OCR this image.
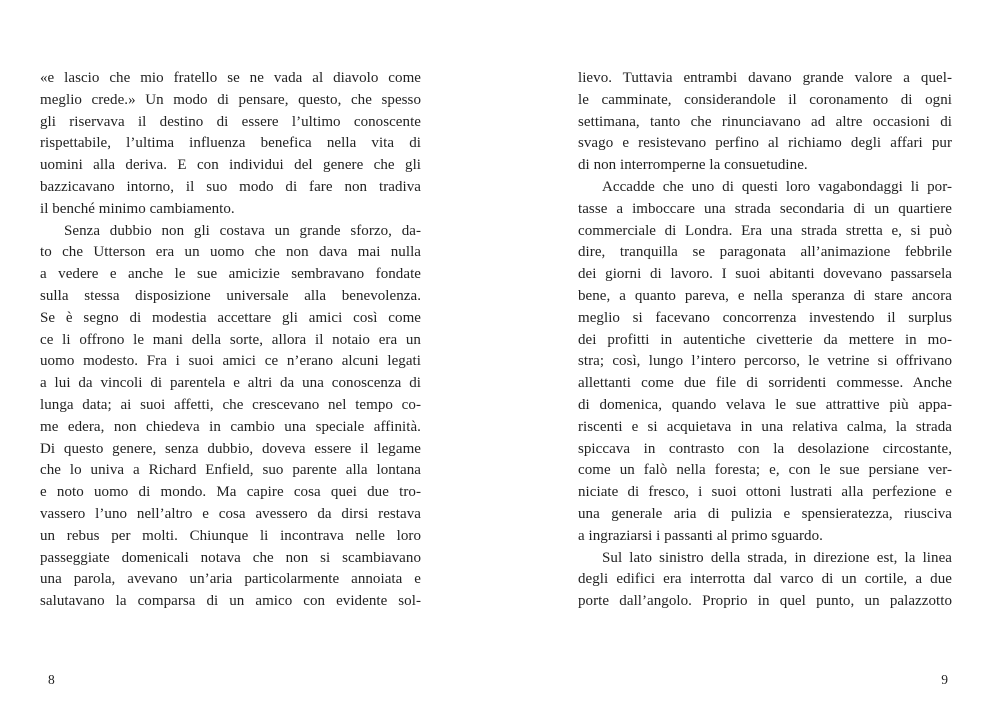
«e lascio che mio fratello se ne vada al diavolo come
meglio crede.» Un modo di pensare, questo, che spesso
gli riservava il destino di essere l’ultimo conoscente
rispettabile, l’ultima influenza benefica nella vita di
uomini alla deriva. E con individui del genere che gli
bazzicavano intorno, il suo modo di fare non tradiva
il benché minimo cambiamento.
Senza dubbio non gli costava un grande sforzo, da-
to che Utterson era un uomo che non dava mai nulla
a vedere e anche le sue amicizie sembravano fondate
sulla stessa disposizione universale alla benevolenza.
Se è segno di modestia accettare gli amici così come
ce li offrono le mani della sorte, allora il notaio era un
uomo modesto. Fra i suoi amici ce n’erano alcuni legati
a lui da vincoli di parentela e altri da una conoscenza di
lunga data; ai suoi affetti, che crescevano nel tempo co-
me edera, non chiedeva in cambio una speciale affinità.
Di questo genere, senza dubbio, doveva essere il legame
che lo univa a Richard Enfield, suo parente alla lontana
e noto uomo di mondo. Ma capire cosa quei due tro-
vassero l’uno nell’altro e cosa avessero da dirsi restava
un rebus per molti. Chiunque li incontrava nelle loro
passeggiate domenicali notava che non si scambiavano
una parola, avevano un’aria particolarmente annoiata e
salutavano la comparsa di un amico con evidente sol-
lievo. Tuttavia entrambi davano grande valore a quel-
le camminate, considerandole il coronamento di ogni
settimana, tanto che rinunciavano ad altre occasioni di
svago e resistevano perfino al richiamo degli affari pur
di non interromperne la consuetudine.
Accadde che uno di questi loro vagabondaggi li por-
tasse a imboccare una strada secondaria di un quartiere
commerciale di Londra. Era una strada stretta e, si può
dire, tranquilla se paragonata all’animazione febbrile
dei giorni di lavoro. I suoi abitanti dovevano passarsela
bene, a quanto pareva, e nella speranza di stare ancora
meglio si facevano concorrenza investendo il surplus
dei profitti in autentiche civetterie da mettere in mo-
stra; così, lungo l’intero percorso, le vetrine si offrivano
allettanti come due file di sorridenti commesse. Anche
di domenica, quando velava le sue attrattive più appa-
riscenti e si acquietava in una relativa calma, la strada
spiccava in contrasto con la desolazione circostante,
come un falò nella foresta; e, con le sue persiane ver-
niciate di fresco, i suoi ottoni lustrati alla perfezione e
una generale aria di pulizia e spensieratezza, riusciva
a ingraziarsi i passanti al primo sguardo.
Sul lato sinistro della strada, in direzione est, la linea
degli edifici era interrotta dal varco di un cortile, a due
porte dall’angolo. Proprio in quel punto, un palazzotto
8	9
